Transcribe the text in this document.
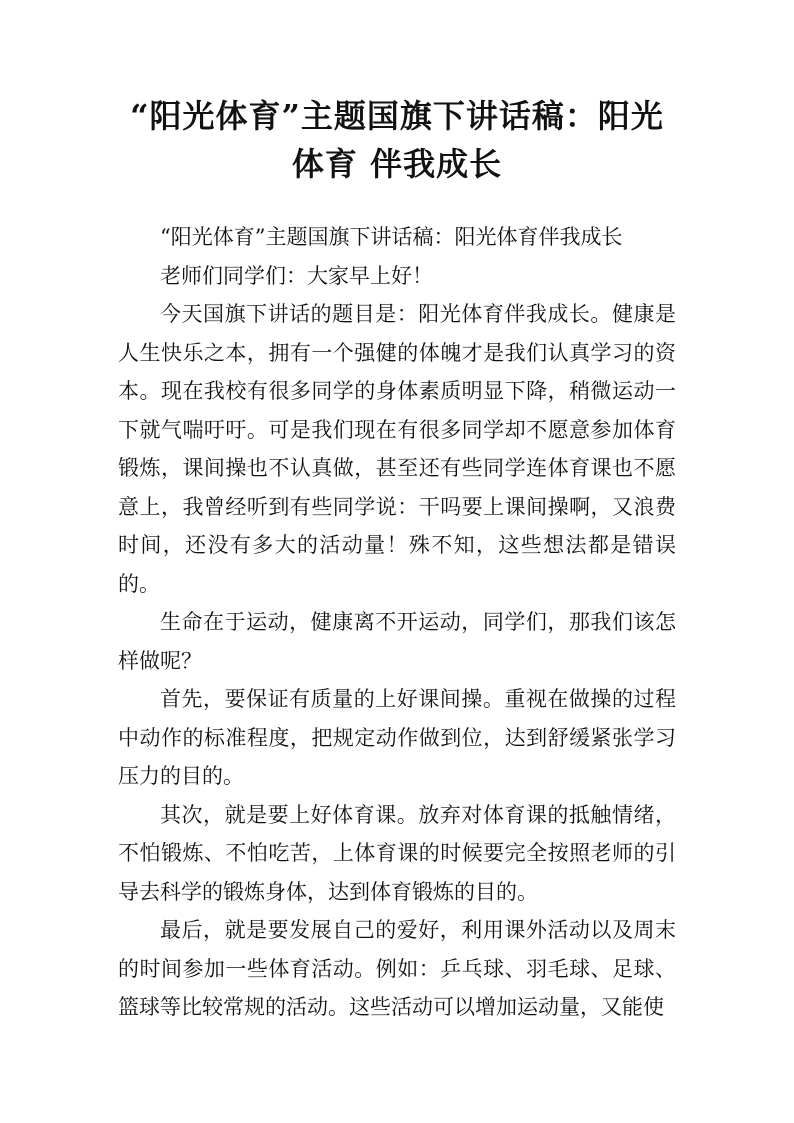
“阳光体育”主题国旗下讲话稿：阳光
体育 伴我成长

“阳光体育”主题国旗下讲话稿：阳光体育伴我成长

老师们同学们：大家早上好！

今天国旗下讲话的题目是：阳光体育伴我成长。健康是人生快乐之本，拥有一个强健的体魄才是我们认真学习的资本。现在我校有很多同学的身体素质明显下降，稍微运动一下就气喘吁吁。可是我们现在有很多同学却不愿意参加体育锻炼，课间操也不认真做，甚至还有些同学连体育课也不愿意上，我曾经听到有些同学说：干吗要上课间操啊，又浪费时间，还没有多大的活动量！殊不知，这些想法都是错误的。

生命在于运动，健康离不开运动，同学们，那我们该怎样做呢？

首先，要保证有质量的上好课间操。重视在做操的过程中动作的标准程度，把规定动作做到位，达到舒缓紧张学习压力的目的。

其次，就是要上好体育课。放弃对体育课的抵触情绪，不怕锻炼、不怕吃苦，上体育课的时候要完全按照老师的引导去科学的锻炼身体，达到体育锻炼的目的。

最后，就是要发展自己的爱好，利用课外活动以及周末的时间参加一些体育活动。例如：乒乓球、羽毛球、足球、篮球等比较常规的活动。这些活动可以增加运动量，又能使
